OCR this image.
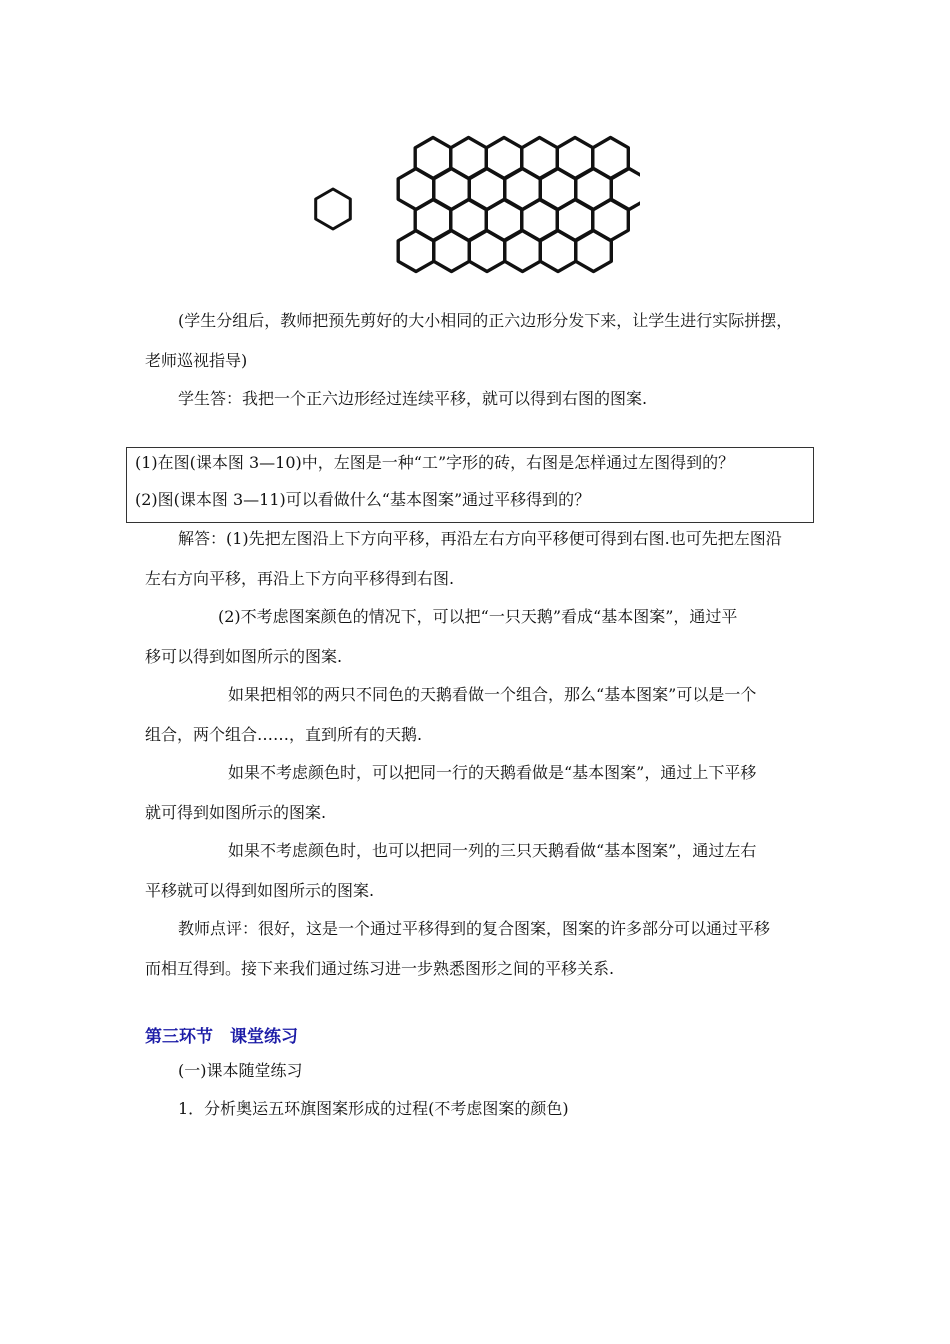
(学生分组后，教师把预先剪好的大小相同的正六边形分发下来，让学生进行实际拼摆，
老师巡视指导)
学生答：我把一个正六边形经过连续平移，就可以得到右图的图案.
(1)在图(课本图 3—10)中，左图是一种“工”字形的砖，右图是怎样通过左图得到的？
(2)图(课本图 3—11)可以看做什么“基本图案”通过平移得到的？
解答：(1)先把左图沿上下方向平移，再沿左右方向平移便可得到右图.也可先把左图沿
左右方向平移，再沿上下方向平移得到右图.
(2)不考虑图案颜色的情况下，可以把“一只天鹅”看成“基本图案”，通过平
移可以得到如图所示的图案.
如果把相邻的两只不同色的天鹅看做一个组合，那么“基本图案”可以是一个
组合，两个组合……，直到所有的天鹅.
如果不考虑颜色时，可以把同一行的天鹅看做是“基本图案”，通过上下平移
就可得到如图所示的图案.
如果不考虑颜色时，也可以把同一列的三只天鹅看做“基本图案”，通过左右
平移就可以得到如图所示的图案.
教师点评：很好，这是一个通过平移得到的复合图案，图案的许多部分可以通过平移
而相互得到。接下来我们通过练习进一步熟悉图形之间的平移关系.
第三环节　课堂练习
(一)课本随堂练习
1．分析奥运五环旗图案形成的过程(不考虑图案的颜色)
